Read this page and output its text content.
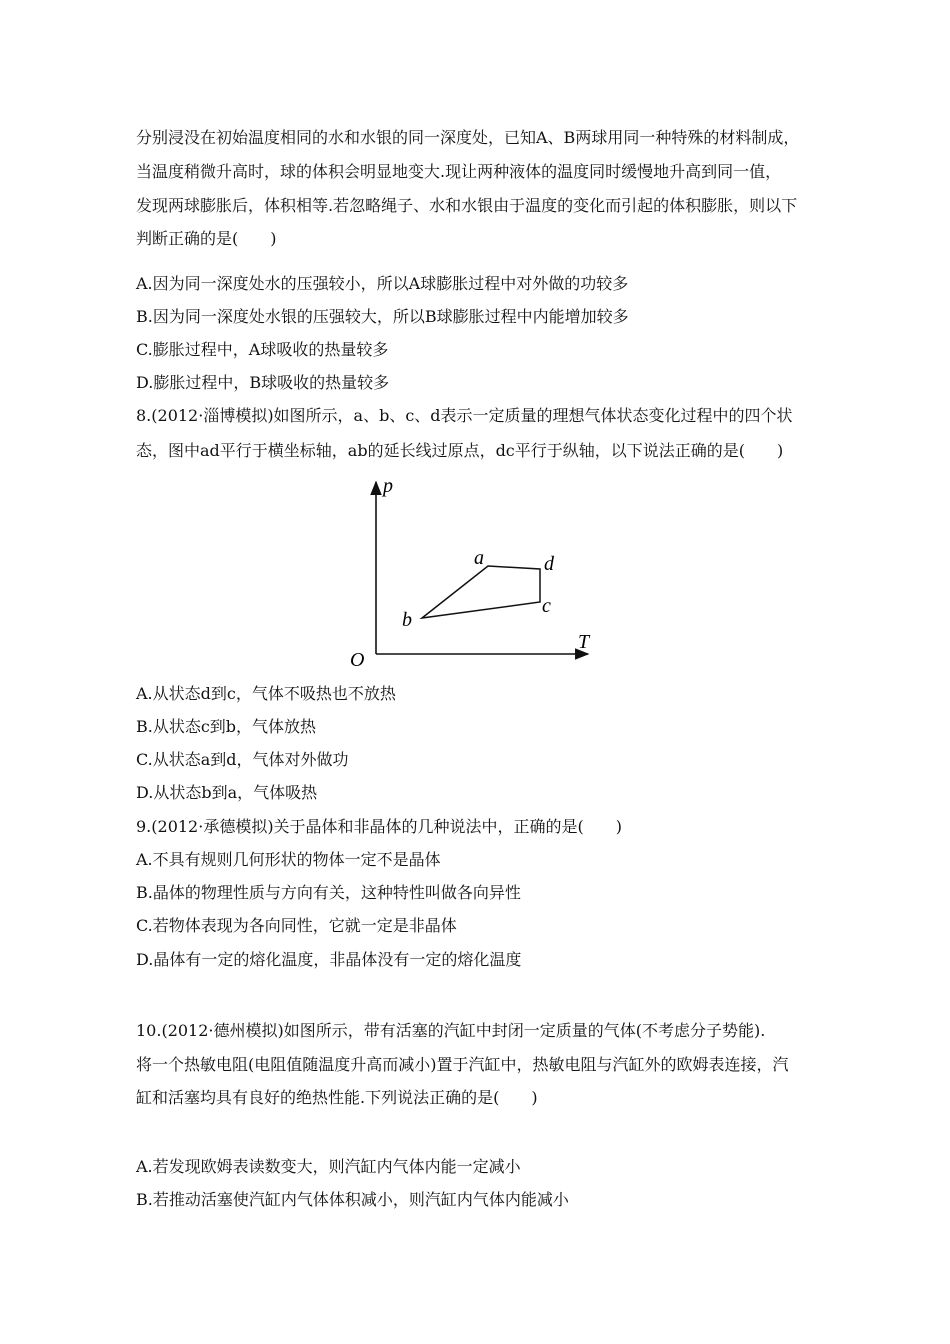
分别浸没在初始温度相同的水和水银的同一深度处，已知A、B两球用同一种特殊的材料制成，
当温度稍微升高时，球的体积会明显地变大.现让两种液体的温度同时缓慢地升高到同一值，
发现两球膨胀后，体积相等.若忽略绳子、水和水银由于温度的变化而引起的体积膨胀，则以下
判断正确的是(　　)
A.因为同一深度处水的压强较小，所以A球膨胀过程中对外做的功较多
B.因为同一深度处水银的压强较大，所以B球膨胀过程中内能增加较多
C.膨胀过程中，A球吸收的热量较多
D.膨胀过程中，B球吸收的热量较多
8.(2012·淄博模拟)如图所示，a、b、c、d表示一定质量的理想气体状态变化过程中的四个状
态，图中ad平行于横坐标轴，ab的延长线过原点，dc平行于纵轴，以下说法正确的是(　　)
p
T
O
a
b
c
d
A.从状态d到c，气体不吸热也不放热
B.从状态c到b，气体放热
C.从状态a到d，气体对外做功
D.从状态b到a，气体吸热
9.(2012·承德模拟)关于晶体和非晶体的几种说法中，正确的是(　　)
A.不具有规则几何形状的物体一定不是晶体
B.晶体的物理性质与方向有关，这种特性叫做各向异性
C.若物体表现为各向同性，它就一定是非晶体
D.晶体有一定的熔化温度，非晶体没有一定的熔化温度
10.(2012·德州模拟)如图所示，带有活塞的汽缸中封闭一定质量的气体(不考虑分子势能).
将一个热敏电阻(电阻值随温度升高而减小)置于汽缸中，热敏电阻与汽缸外的欧姆表连接，汽
缸和活塞均具有良好的绝热性能.下列说法正确的是(　　)
A.若发现欧姆表读数变大，则汽缸内气体内能一定减小
B.若推动活塞使汽缸内气体体积减小，则汽缸内气体内能减小
